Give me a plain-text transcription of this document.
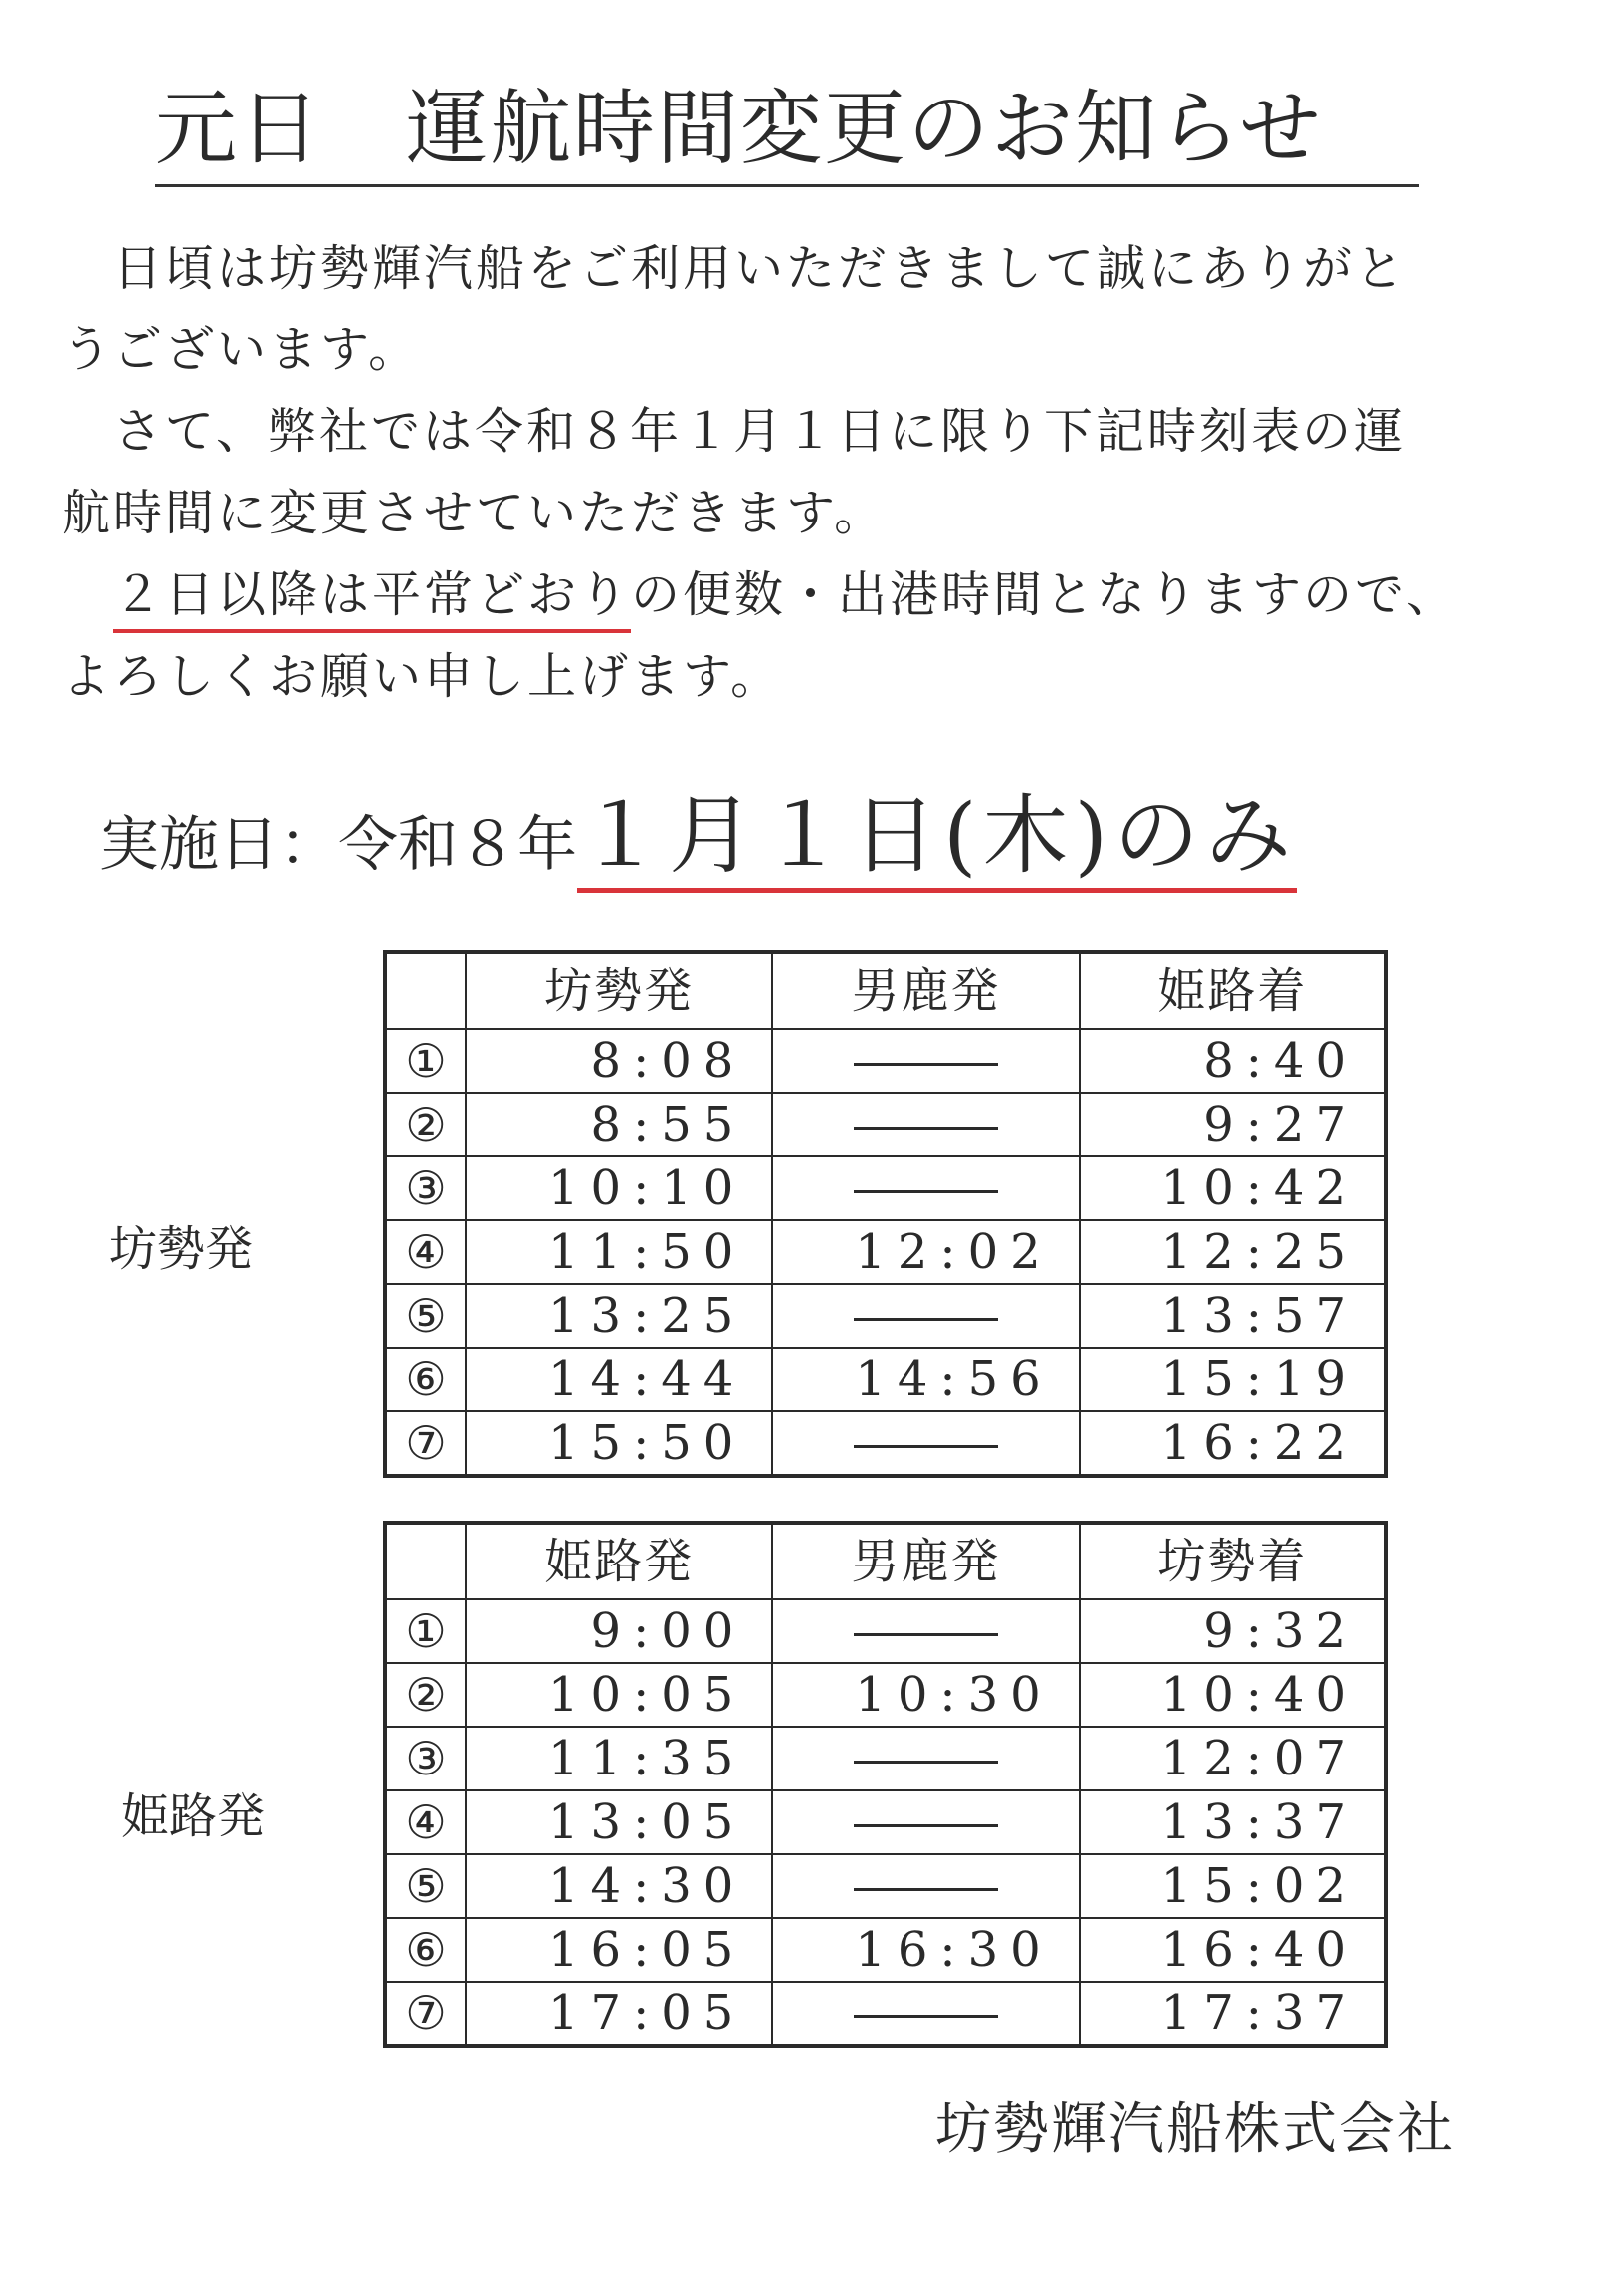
元日　運航時間変更のお知らせ
　日頃は坊勢輝汽船をご利用いただきまして誠にありがと
うございます。
　さて、弊社では令和８年１月１日に限り下記時刻表の運
航時間に変更させていただきます。
　２日以降は平常どおりの便数・出港時間となりますので、
よろしくお願い申し上げます。
実施日：令和８年１月１日(木)のみ
坊勢発
	坊勢発	男鹿発	姫路着
①	8:08		8:40
②	8:55		9:27
③	10:10		10:42
④	11:50	12:02	12:25
⑤	13:25		13:57
⑥	14:44	14:56	15:19
⑦	15:50		16:22
姫路発
	姫路発	男鹿発	坊勢着
①	9:00		9:32
②	10:05	10:30	10:40
③	11:35		12:07
④	13:05		13:37
⑤	14:30		15:02
⑥	16:05	16:30	16:40
⑦	17:05		17:37
坊勢輝汽船株式会社
